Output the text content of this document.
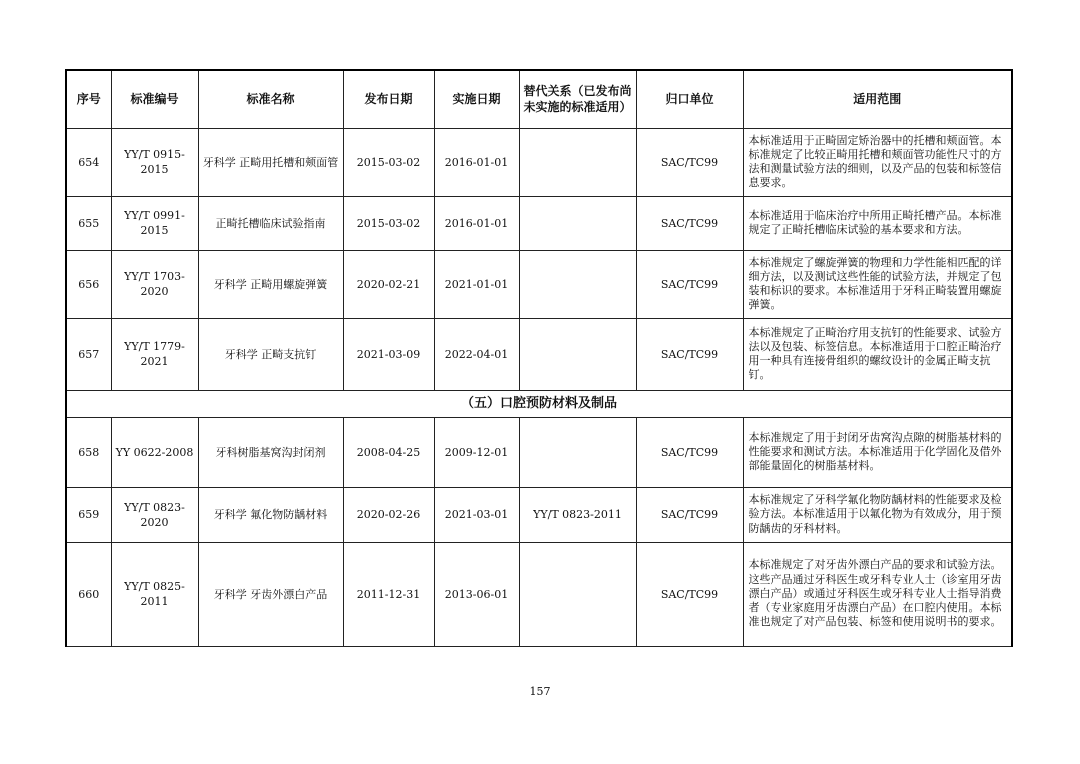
序号	标准编号	标准名称	发布日期	实施日期	替代关系（已发布尚未实施的标准适用）	归口单位	适用范围
654	YY/T 0915-2015	牙科学 正畸用托槽和颊面管	2015-03-02	2016-01-01		SAC/TC99	本标准适用于正畸固定矫治器中的托槽和颊面管。本标准规定了比较正畸用托槽和颊面管功能性尺寸的方法和测量试验方法的细则，以及产品的包装和标签信息要求。
655	YY/T 0991-2015	正畸托槽临床试验指南	2015-03-02	2016-01-01		SAC/TC99	本标准适用于临床治疗中所用正畸托槽产品。本标准规定了正畸托槽临床试验的基本要求和方法。
656	YY/T 1703-2020	牙科学 正畸用螺旋弹簧	2020-02-21	2021-01-01		SAC/TC99	本标准规定了螺旋弹簧的物理和力学性能相匹配的详细方法，以及测试这些性能的试验方法，并规定了包装和标识的要求。本标准适用于牙科正畸装置用螺旋弹簧。
657	YY/T 1779-2021	牙科学 正畸支抗钉	2021-03-09	2022-04-01		SAC/TC99	本标准规定了正畸治疗用支抗钉的性能要求、试验方法以及包装、标签信息。本标准适用于口腔正畸治疗用一种具有连接骨组织的螺纹设计的金属正畸支抗钉。
（五）口腔预防材料及制品							
658	YY 0622-2008	牙科树脂基窝沟封闭剂	2008-04-25	2009-12-01		SAC/TC99	本标准规定了用于封闭牙齿窝沟点隙的树脂基材料的性能要求和测试方法。本标准适用于化学固化及借外部能量固化的树脂基材料。
659	YY/T 0823-2020	牙科学 氟化物防龋材料	2020-02-26	2021-03-01	YY/T 0823-2011	SAC/TC99	本标准规定了牙科学氟化物防龋材料的性能要求及检验方法。本标准适用于以氟化物为有效成分，用于预防龋齿的牙科材料。
660	YY/T 0825-2011	牙科学 牙齿外漂白产品	2011-12-31	2013-06-01		SAC/TC99	本标准规定了对牙齿外漂白产品的要求和试验方法。这些产品通过牙科医生或牙科专业人士（诊室用牙齿漂白产品）或通过牙科医生或牙科专业人士指导消费者（专业家庭用牙齿漂白产品）在口腔内使用。本标准也规定了对产品包装、标签和使用说明书的要求。
157
